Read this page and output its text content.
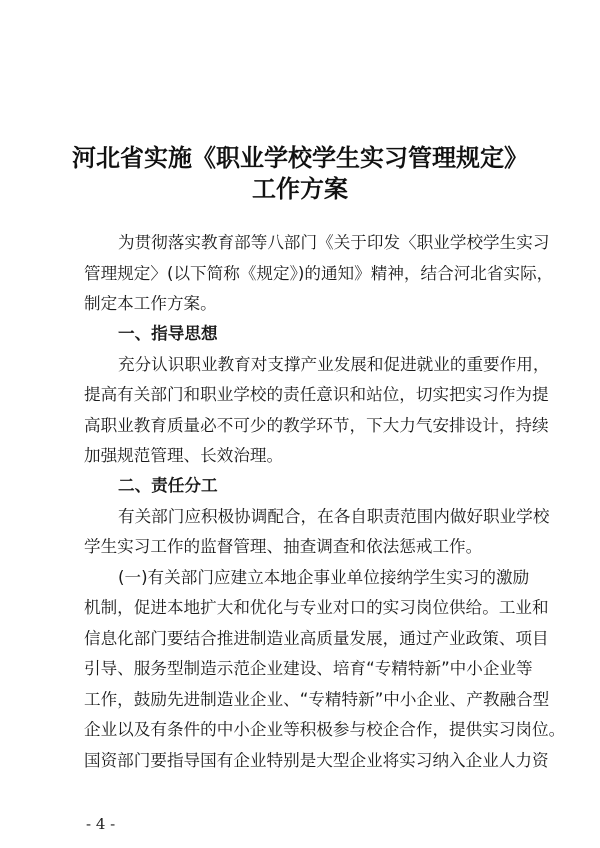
河北省实施《职业学校学生实习管理规定》
工作方案
为贯彻落实教育部等八部门《关于印发〈职业学校学生实习
管理规定〉(以下简称《规定》)的通知》精神，结合河北省实际，
制定本工作方案。
一、指导思想
充分认识职业教育对支撑产业发展和促进就业的重要作用，
提高有关部门和职业学校的责任意识和站位，切实把实习作为提
高职业教育质量必不可少的教学环节，下大力气安排设计，持续
加强规范管理、长效治理。
二、责任分工
有关部门应积极协调配合，在各自职责范围内做好职业学校
学生实习工作的监督管理、抽查调查和依法惩戒工作。
(一)有关部门应建立本地企事业单位接纳学生实习的激励
机制，促进本地扩大和优化与专业对口的实习岗位供给。工业和
信息化部门要结合推进制造业高质量发展，通过产业政策、项目
引导、服务型制造示范企业建设、培育“专精特新”中小企业等
工作，鼓励先进制造业企业、“专精特新”中小企业、产教融合型
企业以及有条件的中小企业等积极参与校企合作，提供实习岗位。
国资部门要指导国有企业特别是大型企业将实习纳入企业人力资
- 4 -
